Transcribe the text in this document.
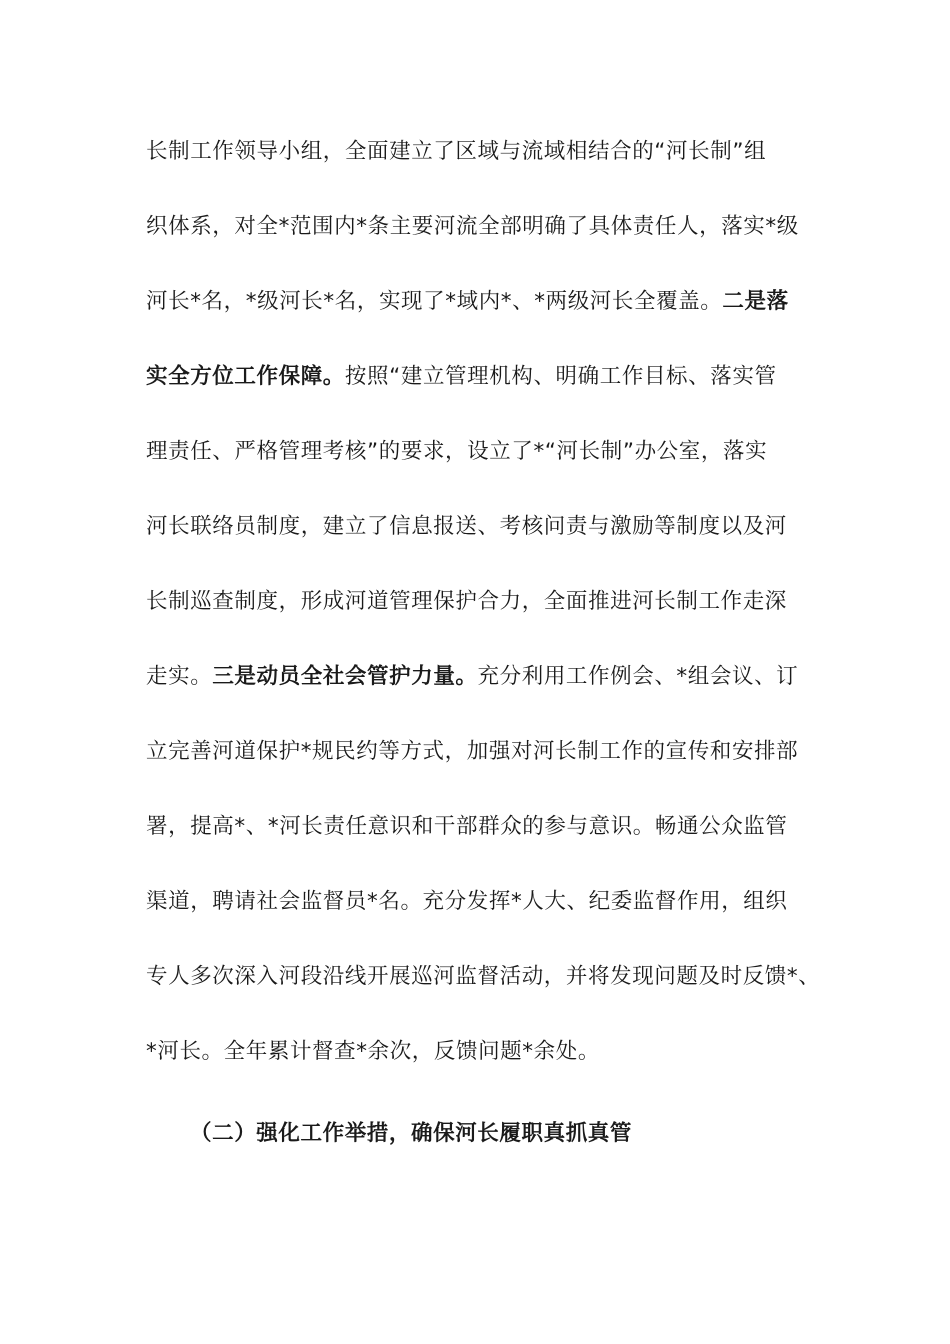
长制工作领导小组，全面建立了区域与流域相结合的“河长制”组
织体系，对全*范围内*条主要河流全部明确了具体责任人，落实*级
河长*名，*级河长*名，实现了*域内*、*两级河长全覆盖。二是落
实全方位工作保障。按照“建立管理机构、明确工作目标、落实管
理责任、严格管理考核”的要求，设立了*“河长制”办公室，落实
河长联络员制度，建立了信息报送、考核问责与激励等制度以及河
长制巡查制度，形成河道管理保护合力，全面推进河长制工作走深
走实。三是动员全社会管护力量。充分利用工作例会、*组会议、订
立完善河道保护*规民约等方式，加强对河长制工作的宣传和安排部
署，提高*、*河长责任意识和干部群众的参与意识。畅通公众监管
渠道，聘请社会监督员*名。充分发挥*人大、纪委监督作用，组织
专人多次深入河段沿线开展巡河监督活动，并将发现问题及时反馈*、
*河长。全年累计督查*余次，反馈问题*余处。
（二）强化工作举措，确保河长履职真抓真管
